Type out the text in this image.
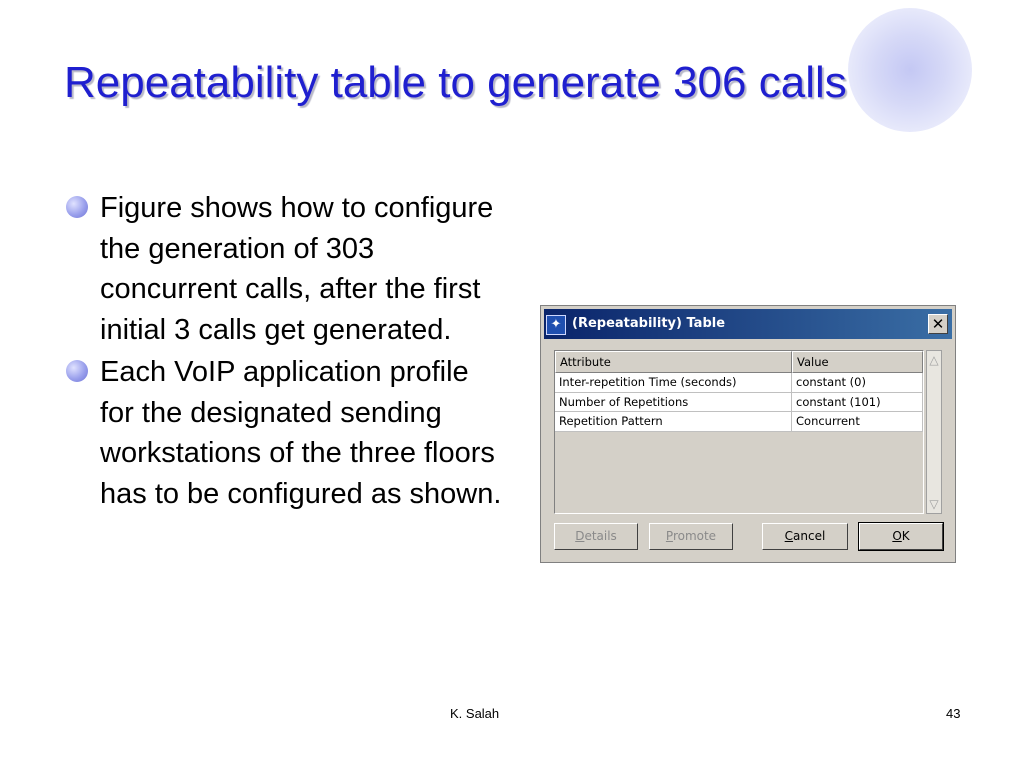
Repeatability table to generate 306 calls
Figure shows how to configure the generation of 303 concurrent calls, after the first initial 3 calls get generated.
Each VoIP application profile for the designated sending workstations of the three floors has to be configured as shown.
✦ (Repeatability) Table	✕
Attribute	Value
Inter-repetition Time (seconds)	constant (0)
Number of Repetitions	constant (101)
Repetition Pattern	Concurrent
△
▽
Details	Promote	Cancel	OK
K. Salah	43
